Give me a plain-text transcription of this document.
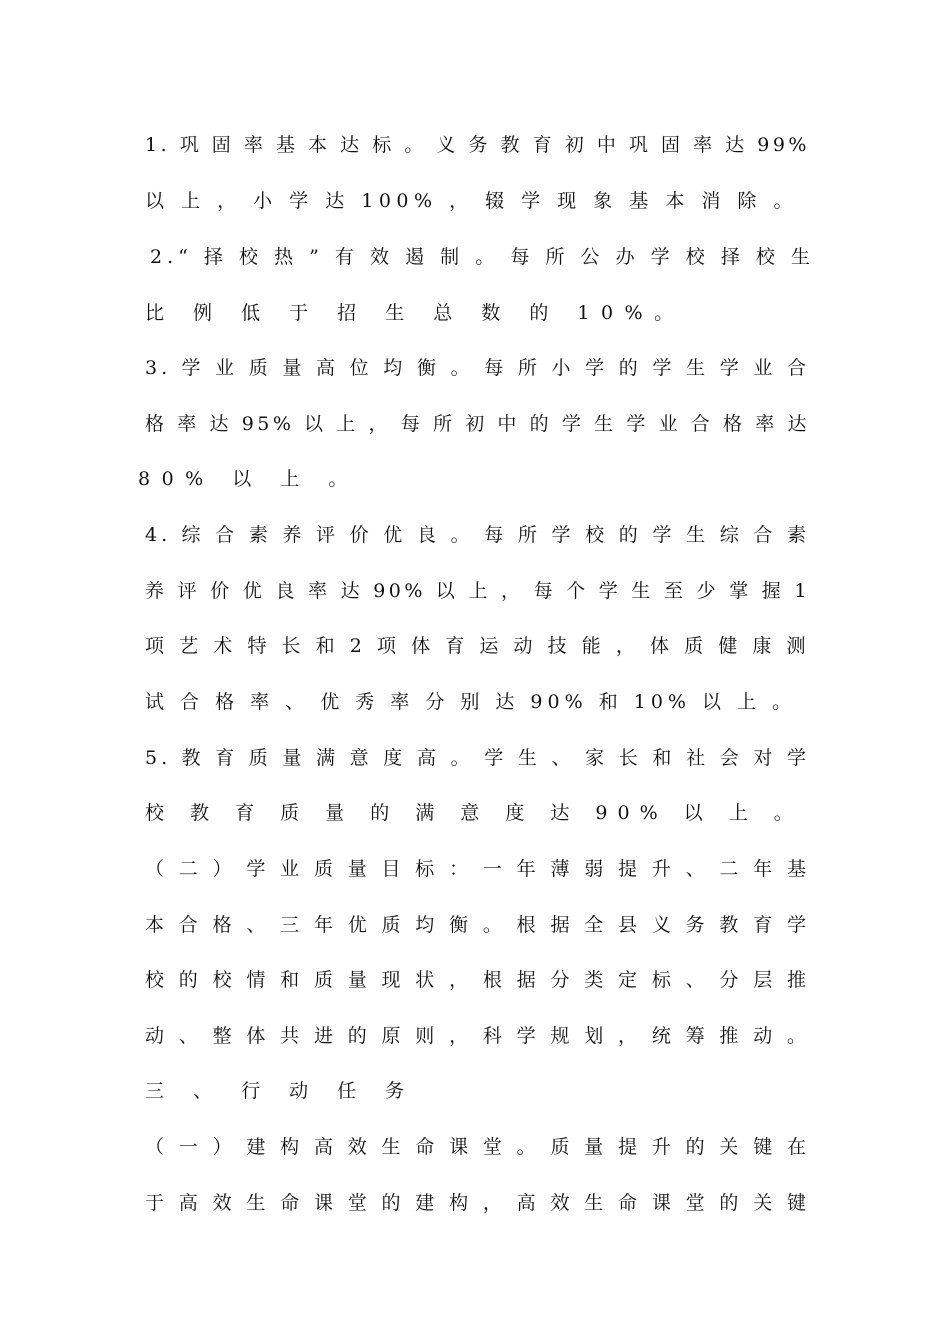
1. 巩 固 率 基 本 达 标 。 义 务 教 育 初 中 巩 固 率 达 99%
以 上 ， 小 学 达 100% ， 辍 学 现 象 基 本 消 除 。
2.“ 择 校 热 ” 有 效 遏 制 。 每 所 公 办 学 校 择 校 生
比 例 低 于 招 生 总 数 的 10%。
3. 学 业 质 量 高 位 均 衡 。 每 所 小 学 的 学 生 学 业 合
格 率 达 95% 以 上 ， 每 所 初 中 的 学 生 学 业 合 格 率 达
80% 以 上 。
4. 综 合 素 养 评 价 优 良 。 每 所 学 校 的 学 生 综 合 素
养 评 价 优 良 率 达 90% 以 上 ， 每 个 学 生 至 少 掌 握 1
项 艺 术 特 长 和 2 项 体 育 运 动 技 能 ， 体 质 健 康 测
试 合 格 率 、 优 秀 率 分 别 达 90% 和 10% 以 上 。
5. 教 育 质 量 满 意 度 高 。 学 生 、 家 长 和 社 会 对 学
校 教 育 质 量 的 满 意 度 达 90% 以 上 。
（ 二 ） 学 业 质 量 目 标 ： 一 年 薄 弱 提 升 、 二 年 基
本 合 格 、 三 年 优 质 均 衡 。 根 据 全 县 义 务 教 育 学
校 的 校 情 和 质 量 现 状 ， 根 据 分 类 定 标 、 分 层 推
动 、 整 体 共 进 的 原 则 ， 科 学 规 划 ， 统 筹 推 动 。
三 、 行 动 任 务
（ 一 ） 建 构 高 效 生 命 课 堂 。 质 量 提 升 的 关 键 在
于 高 效 生 命 课 堂 的 建 构 ， 高 效 生 命 课 堂 的 关 键
